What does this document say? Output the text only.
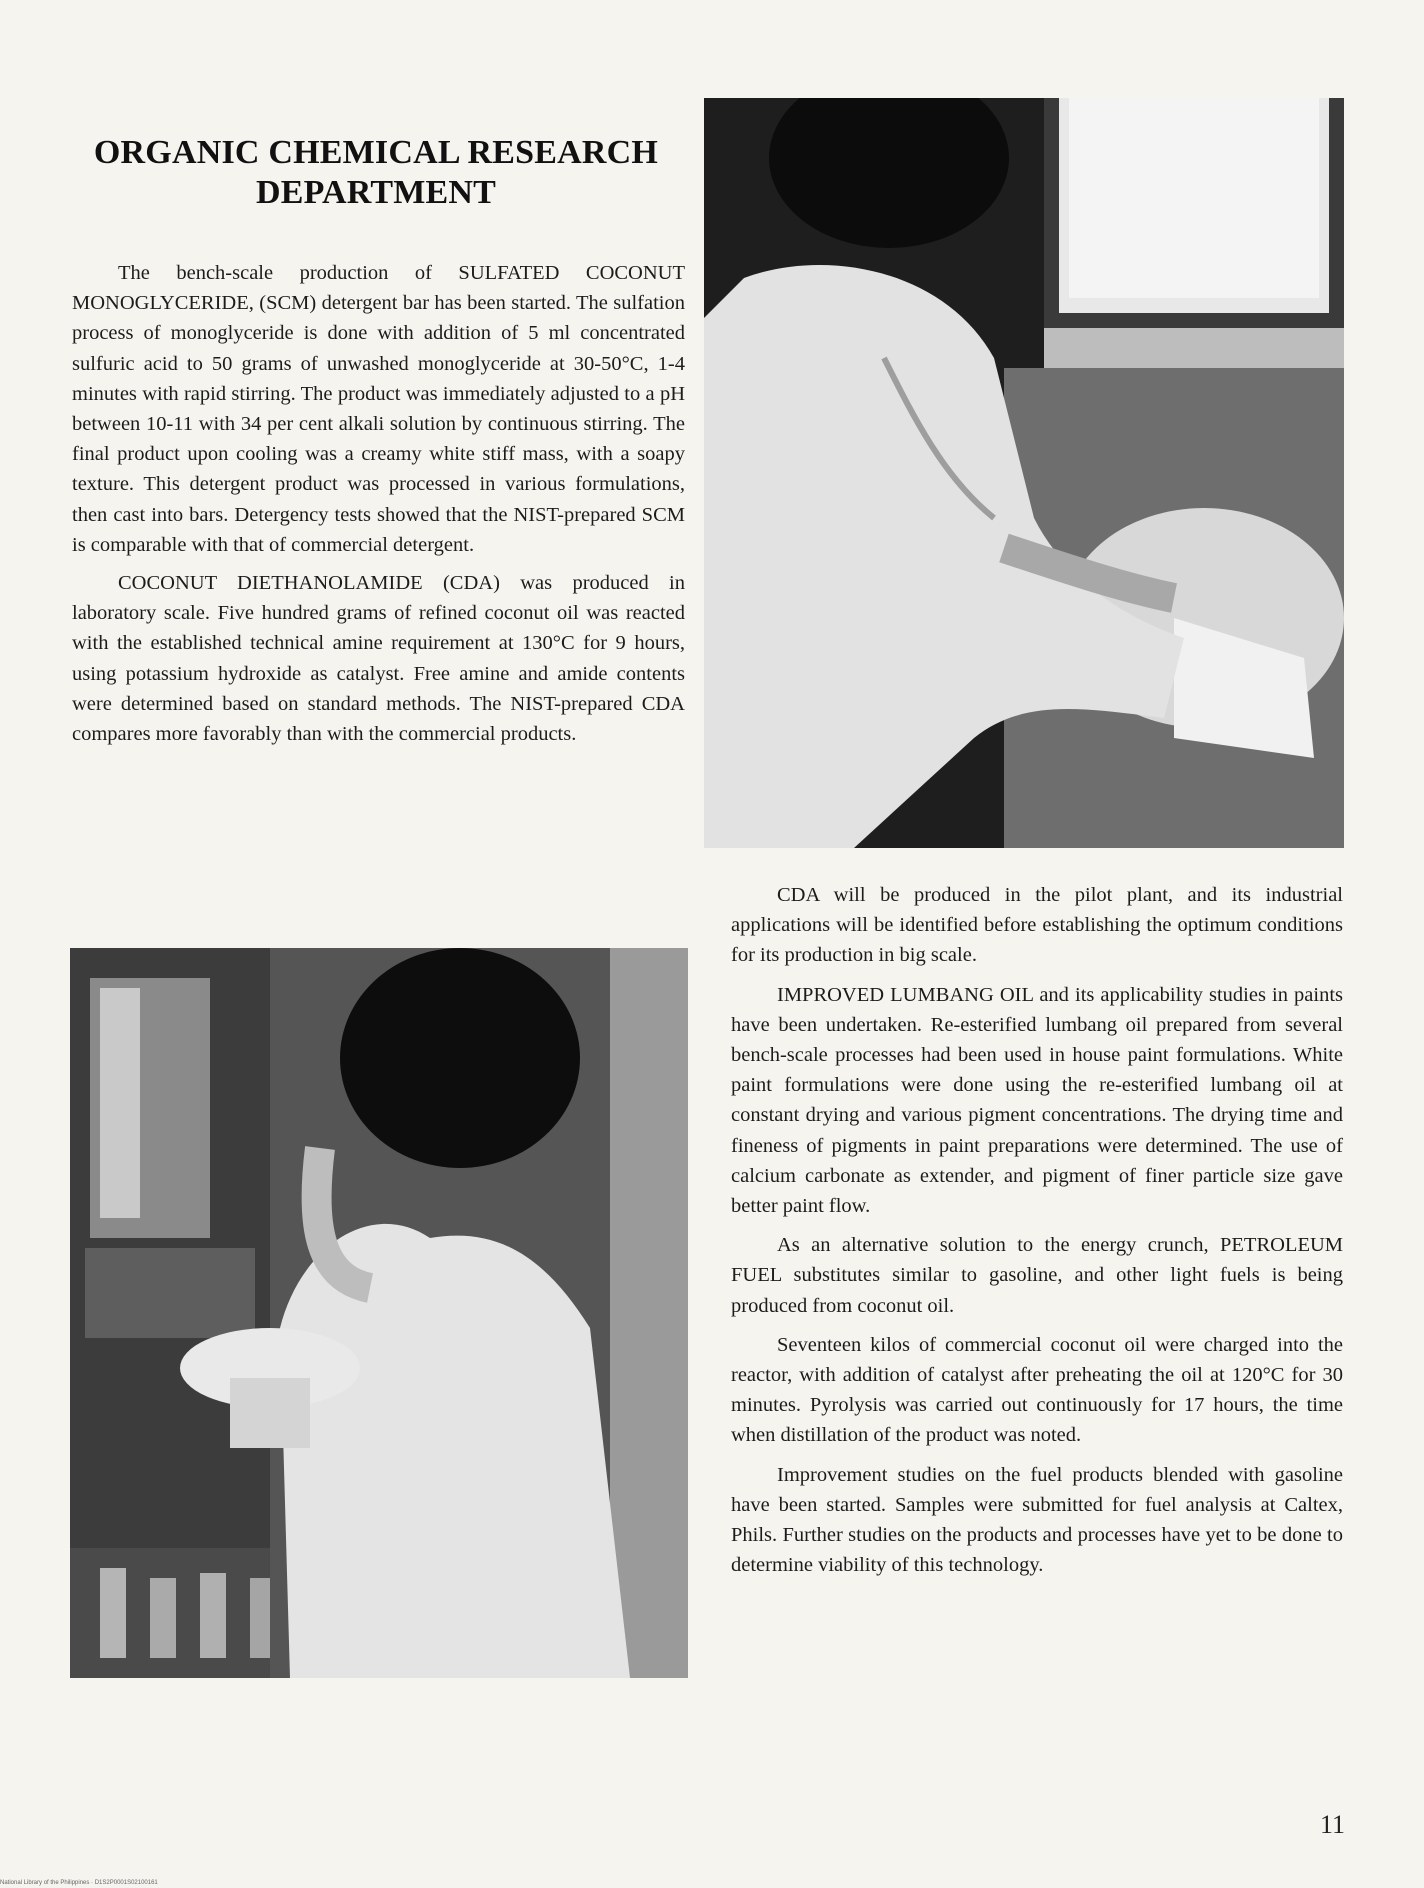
ORGANIC CHEMICAL RESEARCH
DEPARTMENT

The bench-scale production of SULFATED COCONUT MONOGLYCERIDE, (SCM) detergent bar has been started. The sulfation process of monoglyceride is done with addition of 5 ml concentrated sulfuric acid to 50 grams of unwashed monoglyceride at 30-50°C, 1-4 minutes with rapid stirring. The product was immediately adjusted to a pH between 10-11 with 34 per cent alkali solution by continuous stirring. The final product upon cooling was a creamy white stiff mass, with a soapy texture. This detergent product was processed in various formulations, then cast into bars. Detergency tests showed that the NIST-prepared SCM is comparable with that of commercial detergent.

COCONUT DIETHANOLAMIDE (CDA) was produced in laboratory scale. Five hundred grams of refined coconut oil was reacted with the established technical amine requirement at 130°C for 9 hours, using potassium hydroxide as catalyst. Free amine and amide contents were determined based on standard methods. The NIST-prepared CDA compares more favorably than with the commercial products.

CDA will be produced in the pilot plant, and its industrial applications will be identified before establishing the optimum conditions for its production in big scale.

IMPROVED LUMBANG OIL and its applicability studies in paints have been undertaken. Re-esterified lumbang oil prepared from several bench-scale processes had been used in house paint formulations. White paint formulations were done using the re-esterified lumbang oil at constant drying and various pigment concentrations. The drying time and fineness of pigments in paint preparations were determined. The use of calcium carbonate as extender, and pigment of finer particle size gave better paint flow.

As an alternative solution to the energy crunch, PETROLEUM FUEL substitutes similar to gasoline, and other light fuels is being produced from coconut oil.

Seventeen kilos of commercial coconut oil were charged into the reactor, with addition of catalyst after preheating the oil at 120°C for 30 minutes. Pyrolysis was carried out continuously for 17 hours, the time when distillation of the product was noted.

Improvement studies on the fuel products blended with gasoline have been started. Samples were submitted for fuel analysis at Caltex, Phils. Further studies on the products and processes have yet to be done to determine viability of this technology.

11
National Library of the Philippines · D1S2P0001S02100161
